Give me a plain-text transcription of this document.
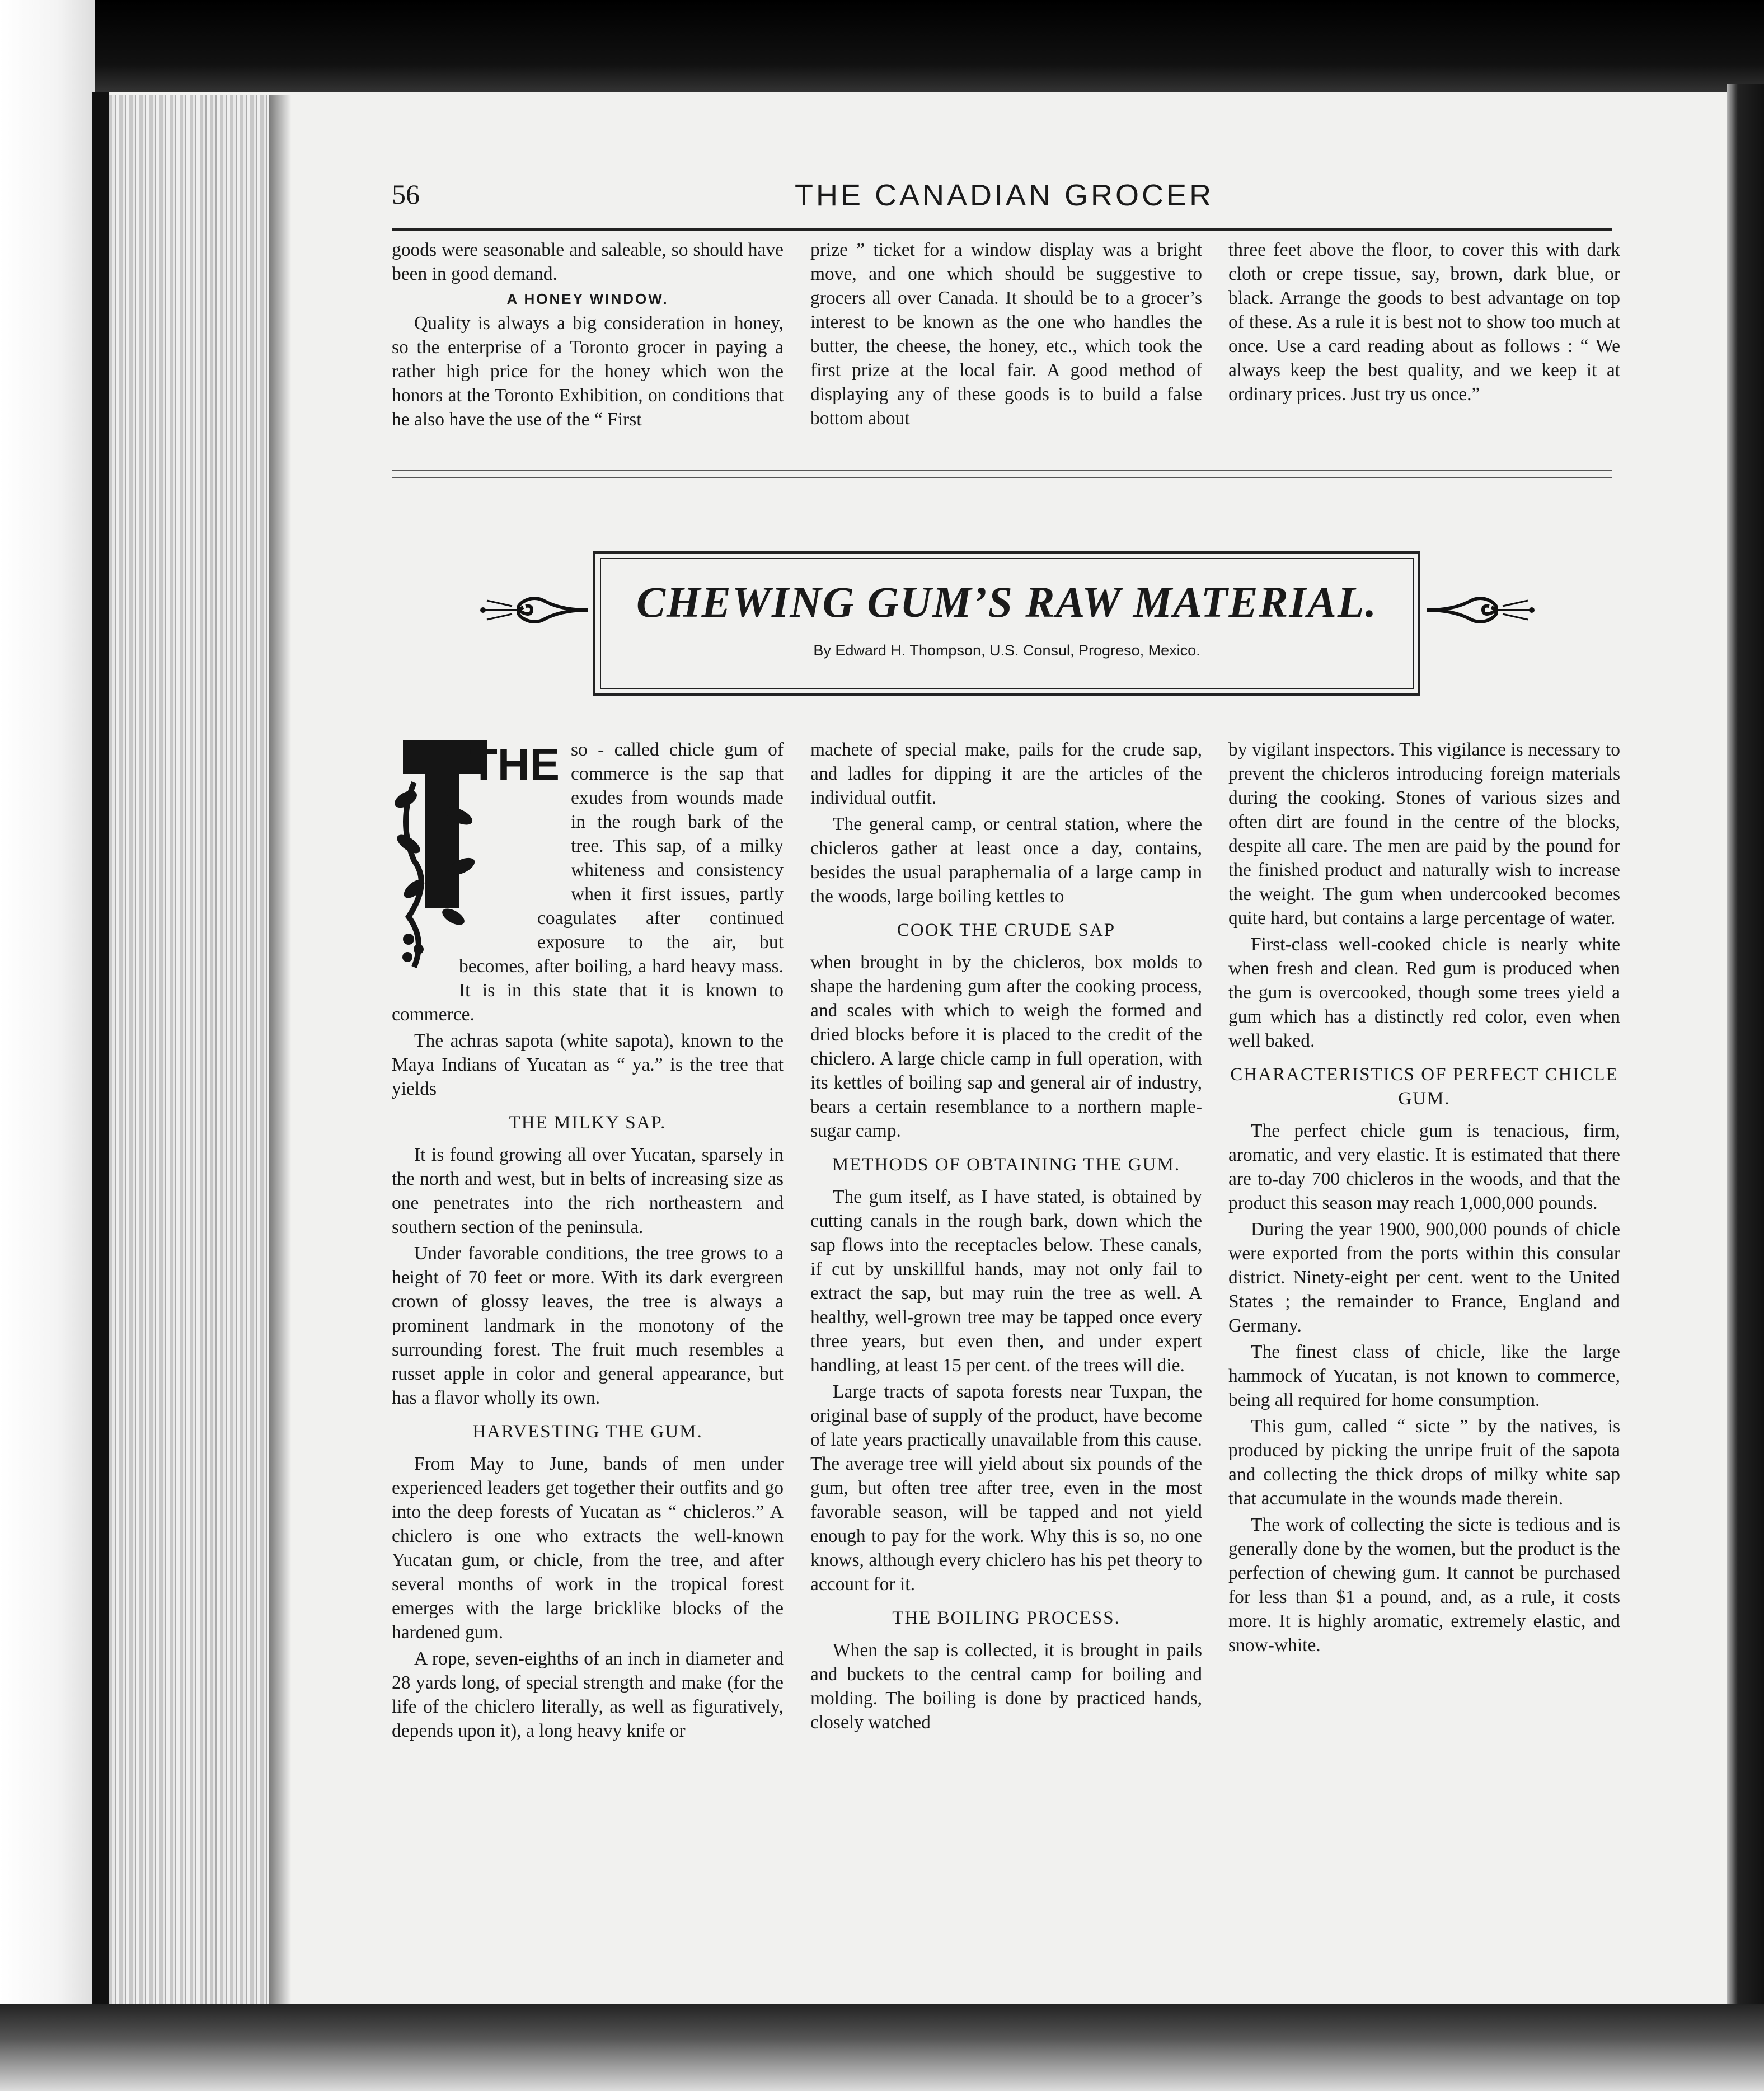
56	THE CANADIAN GROCER

goods were seasonable and saleable, so should have been in good demand.

A HONEY WINDOW.

Quality is always a big consideration in honey, so the enterprise of a Toronto grocer in paying a rather high price for the honey which won the honors at the Toronto Exhibition, on conditions that he also have the use of the “ First

prize ” ticket for a window display was a bright move, and one which should be suggestive to grocers all over Canada. It should be to a grocer’s interest to be known as the one who handles the butter, the cheese, the honey, etc., which took the first prize at the local fair. A good method of displaying any of these goods is to build a false bottom about

three feet above the floor, to cover this with dark cloth or crepe tissue, say, brown, dark blue, or black. Arrange the goods to best advantage on top of these. As a rule it is best not to show too much at once. Use a card reading about as follows : “ We always keep the best quality, and we keep it at ordinary prices. Just try us once.”

CHEWING GUM’S RAW MATERIAL.
By Edward H. Thompson, U.S. Consul, Progreso, Mexico.
THE so - called chicle gum of commerce is the sap that exudes from wounds made in the rough bark of the tree. This sap, of a milky whiteness and consistency when it first issues, partly coagulates after continued exposure to the air, but becomes, after boiling, a hard heavy mass. It is in this state that it is known to commerce.

The achras sapota (white sapota), known to the Maya Indians of Yucatan as “ ya.” is the tree that yields

THE MILKY SAP.

It is found growing all over Yucatan, sparsely in the north and west, but in belts of increasing size as one penetrates into the rich northeastern and southern section of the peninsula.

Under favorable conditions, the tree grows to a height of 70 feet or more. With its dark evergreen crown of glossy leaves, the tree is always a prominent landmark in the monotony of the surrounding forest. The fruit much resembles a russet apple in color and general appearance, but has a flavor wholly its own.

HARVESTING THE GUM.

From May to June, bands of men under experienced leaders get together their outfits and go into the deep forests of Yucatan as “ chicleros.” A chiclero is one who extracts the well-known Yucatan gum, or chicle, from the tree, and after several months of work in the tropical forest emerges with the large bricklike blocks of the hardened gum.

A rope, seven-eighths of an inch in diameter and 28 yards long, of special strength and make (for the life of the chiclero literally, as well as figuratively, depends upon it), a long heavy knife or

machete of special make, pails for the crude sap, and ladles for dipping it are the articles of the individual outfit.

The general camp, or central station, where the chicleros gather at least once a day, contains, besides the usual paraphernalia of a large camp in the woods, large boiling kettles to

COOK THE CRUDE SAP

when brought in by the chicleros, box molds to shape the hardening gum after the cooking process, and scales with which to weigh the formed and dried blocks before it is placed to the credit of the chiclero. A large chicle camp in full operation, with its kettles of boiling sap and general air of industry, bears a certain resemblance to a northern maple-sugar camp.

METHODS OF OBTAINING THE GUM.

The gum itself, as I have stated, is obtained by cutting canals in the rough bark, down which the sap flows into the receptacles below. These canals, if cut by unskillful hands, may not only fail to extract the sap, but may ruin the tree as well. A healthy, well-grown tree may be tapped once every three years, but even then, and under expert handling, at least 15 per cent. of the trees will die.

Large tracts of sapota forests near Tuxpan, the original base of supply of the product, have become of late years practically unavailable from this cause. The average tree will yield about six pounds of the gum, but often tree after tree, even in the most favorable season, will be tapped and not yield enough to pay for the work. Why this is so, no one knows, although every chiclero has his pet theory to account for it.

THE BOILING PROCESS.

When the sap is collected, it is brought in pails and buckets to the central camp for boiling and molding. The boiling is done by practiced hands, closely watched

by vigilant inspectors. This vigilance is necessary to prevent the chicleros introducing foreign materials during the cooking. Stones of various sizes and often dirt are found in the centre of the blocks, despite all care. The men are paid by the pound for the finished product and naturally wish to increase the weight. The gum when undercooked becomes quite hard, but contains a large percentage of water.

First-class well-cooked chicle is nearly white when fresh and clean. Red gum is produced when the gum is overcooked, though some trees yield a gum which has a distinctly red color, even when well baked.

CHARACTERISTICS OF PERFECT CHICLE GUM.

The perfect chicle gum is tenacious, firm, aromatic, and very elastic. It is estimated that there are to-day 700 chicleros in the woods, and that the product this season may reach 1,000,000 pounds.

During the year 1900, 900,000 pounds of chicle were exported from the ports within this consular district. Ninety-eight per cent. went to the United States ; the remainder to France, England and Germany.

The finest class of chicle, like the large hammock of Yucatan, is not known to commerce, being all required for home consumption.

This gum, called “ sicte ” by the natives, is produced by picking the unripe fruit of the sapota and collecting the thick drops of milky white sap that accumulate in the wounds made therein.

The work of collecting the sicte is tedious and is generally done by the women, but the product is the perfection of chewing gum. It cannot be purchased for less than $1 a pound, and, as a rule, it costs more. It is highly aromatic, extremely elastic, and snow-white.
